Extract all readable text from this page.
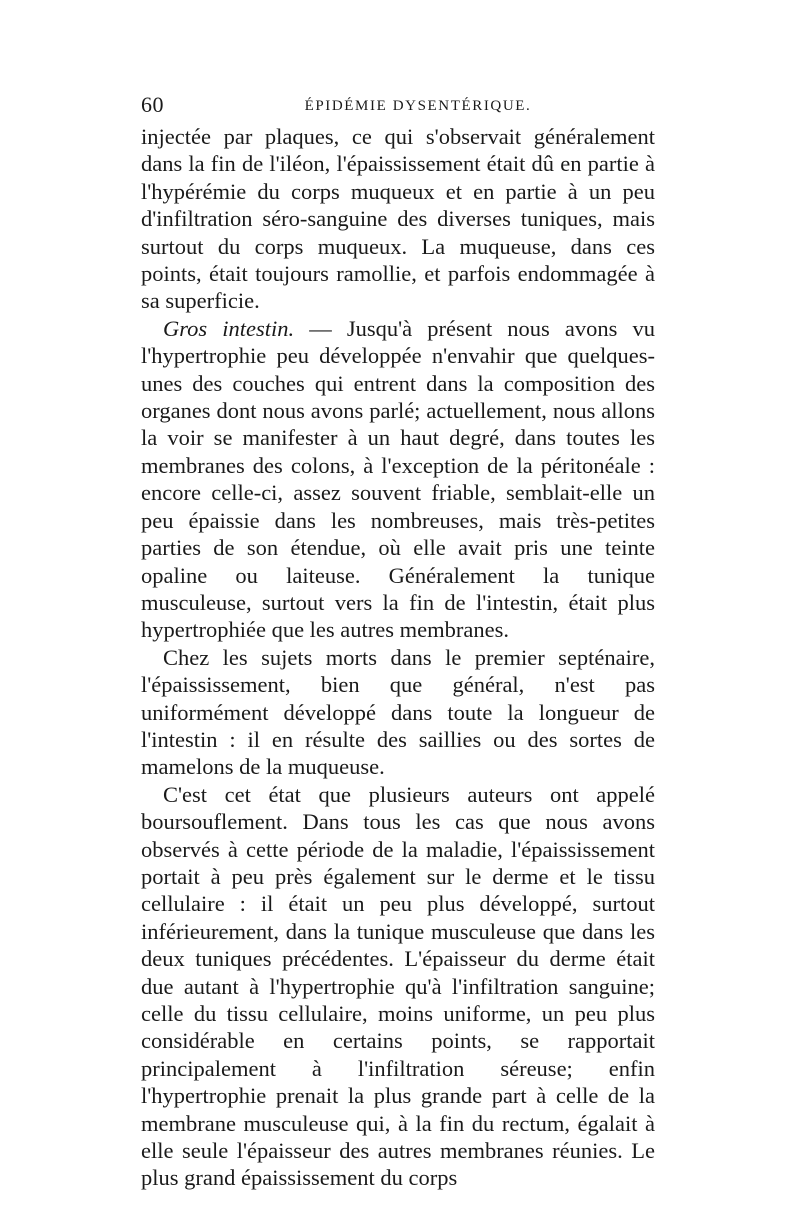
60	ÉPIDÉMIE DYSENTÉRIQUE.

injectée par plaques, ce qui s'observait généralement dans la fin de l'iléon, l'épaississement était dû en partie à l'hypérémie du corps muqueux et en partie à un peu d'infiltration séro-sanguine des diverses tuniques, mais surtout du corps muqueux. La muqueuse, dans ces points, était toujours ramollie, et parfois endommagée à sa superficie.

Gros intestin. — Jusqu'à présent nous avons vu l'hypertrophie peu développée n'envahir que quelques-unes des couches qui entrent dans la composition des organes dont nous avons parlé; actuellement, nous allons la voir se manifester à un haut degré, dans toutes les membranes des colons, à l'exception de la péritonéale : encore celle-ci, assez souvent friable, semblait-elle un peu épaissie dans les nombreuses, mais très-petites parties de son étendue, où elle avait pris une teinte opaline ou laiteuse. Généralement la tunique musculeuse, surtout vers la fin de l'intestin, était plus hypertrophiée que les autres membranes.

Chez les sujets morts dans le premier septénaire, l'épaississement, bien que général, n'est pas uniformément développé dans toute la longueur de l'intestin : il en résulte des saillies ou des sortes de mamelons de la muqueuse.

C'est cet état que plusieurs auteurs ont appelé boursouflement. Dans tous les cas que nous avons observés à cette période de la maladie, l'épaississement portait à peu près également sur le derme et le tissu cellulaire : il était un peu plus développé, surtout inférieurement, dans la tunique musculeuse que dans les deux tuniques précédentes. L'épaisseur du derme était due autant à l'hypertrophie qu'à l'infiltration sanguine; celle du tissu cellulaire, moins uniforme, un peu plus considérable en certains points, se rapportait principalement à l'infiltration séreuse; enfin l'hypertrophie prenait la plus grande part à celle de la membrane musculeuse qui, à la fin du rectum, égalait à elle seule l'épaisseur des autres membranes réunies. Le plus grand épaississement du corps
